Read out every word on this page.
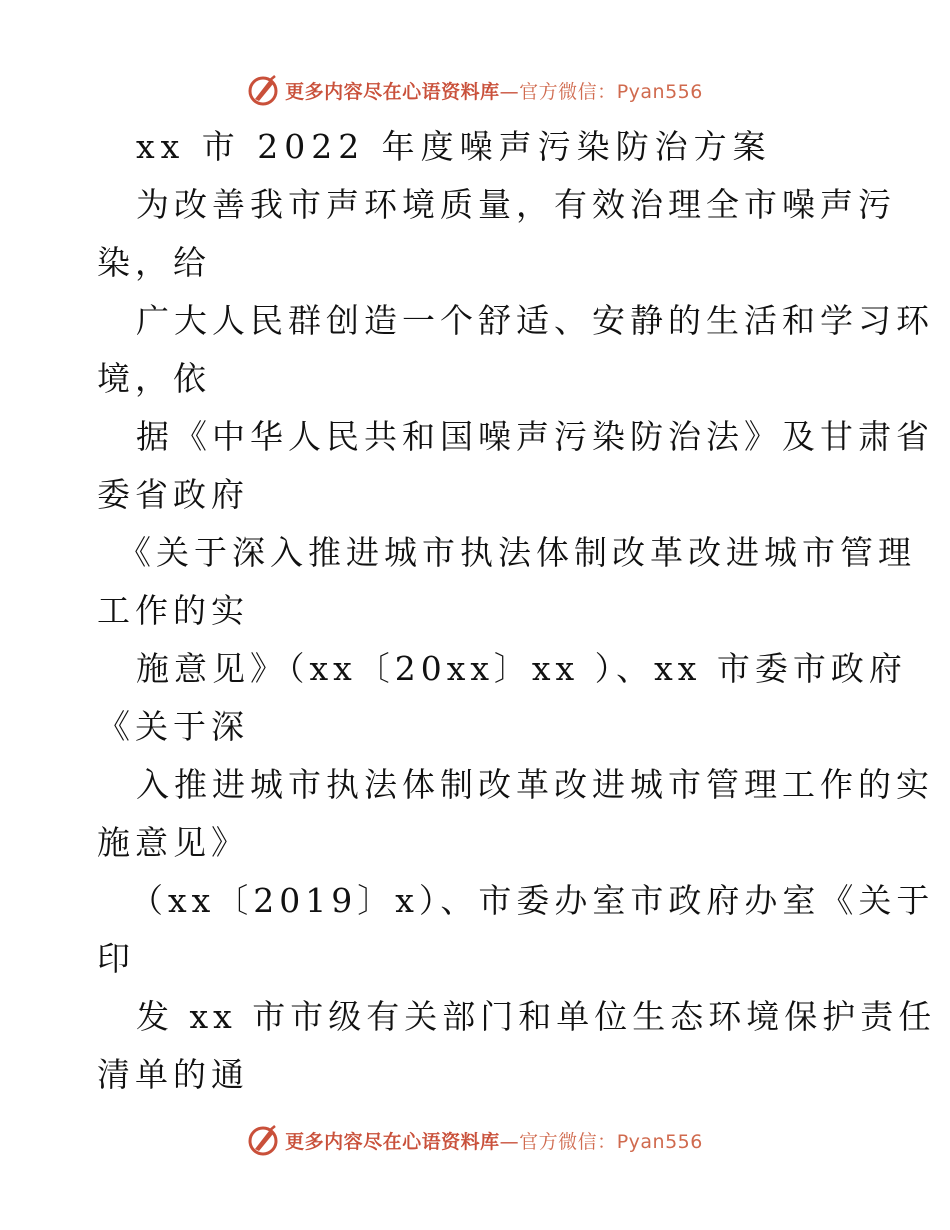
更多内容尽在心语资料库—官方微信：Pyan556
xx 市 2022 年度噪声污染防治方案
为改善我市声环境质量，有效治理全市噪声污
染，给
广大人民群创造一个舒适、安静的生活和学习环
境，依
据《中华人民共和国噪声污染防治法》及甘肃省
委省政府
《关于深入推进城市执法体制改革改进城市管理
工作的实
施意见》（xx〔20xx〕xx ）、xx 市委市政府
《关于深
入推进城市执法体制改革改进城市管理工作的实
施意见》
（xx〔2019〕x）、市委办室市政府办室《关于
印
发 xx 市市级有关部门和单位生态环境保护责任
清单的通
更多内容尽在心语资料库—官方微信：Pyan556
